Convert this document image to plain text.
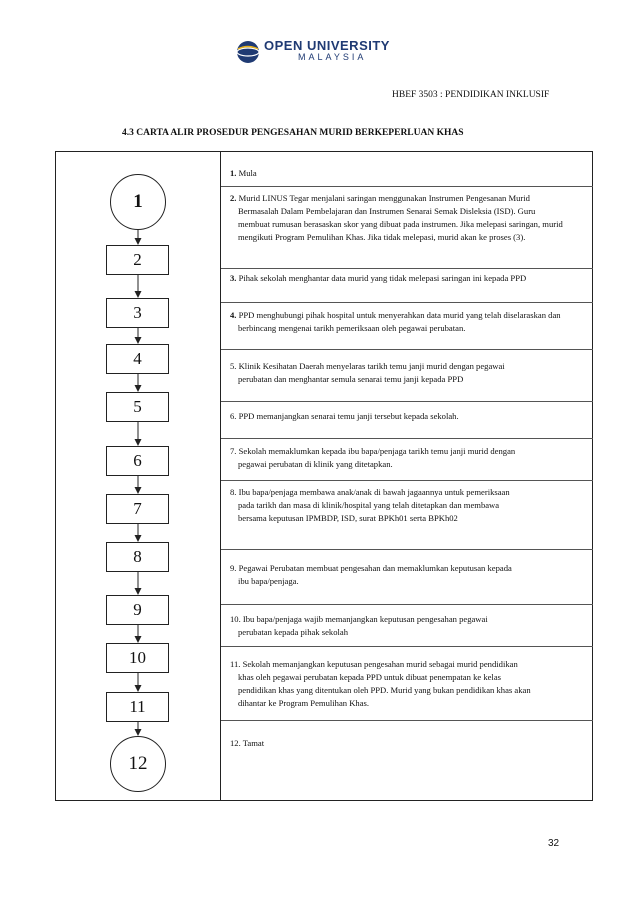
OPEN UNIVERSITY
MALAYSIA
HBEF 3503 : PENDIDIKAN INKLUSIF
4.3 CARTA ALIR PROSEDUR PENGESAHAN MURID BERKEPERLUAN KHAS
1
2
3
4
5
6
7
8
9
10
11
12
1. Mula
2. Murid LINUS Tegar menjalani saringan menggunakan Instrumen Pengesanan Murid
Bermasalah Dalam Pembelajaran dan Instrumen Senarai Semak Disleksia (ISD). Guru
membuat rumusan berasaskan skor yang dibuat pada instrumen. Jika melepasi saringan, murid
mengikuti Program Pemulihan Khas. Jika tidak melepasi, murid akan ke proses (3).
3. Pihak sekolah menghantar data murid yang tidak melepasi saringan ini kepada PPD
4. PPD menghubungi pihak hospital untuk menyerahkan data murid yang telah diselaraskan dan
berbincang mengenai tarikh pemeriksaan oleh pegawai perubatan.
5. Klinik Kesihatan Daerah menyelaras tarikh temu janji murid dengan pegawai
perubatan dan menghantar semula senarai temu janji kepada PPD
6. PPD memanjangkan senarai temu janji tersebut kepada sekolah.
7. Sekolah memaklumkan kepada ibu bapa/penjaga tarikh temu janji murid dengan
pegawai perubatan di klinik yang ditetapkan.
8. Ibu bapa/penjaga membawa anak/anak di bawah jagaannya untuk pemeriksaan
pada tarikh dan masa di klinik/hospital yang telah ditetapkan dan membawa
bersama keputusan IPMBDP, ISD, surat BPKh01 serta BPKh02
9. Pegawai Perubatan membuat pengesahan dan memaklumkan keputusan kepada
ibu bapa/penjaga.
10. Ibu bapa/penjaga wajib memanjangkan keputusan pengesahan pegawai
perubatan kepada pihak sekolah
11. Sekolah memanjangkan keputusan pengesahan murid sebagai murid pendidikan
khas oleh pegawai perubatan kepada PPD untuk dibuat penempatan ke kelas
pendidikan khas yang ditentukan oleh PPD. Murid yang bukan pendidikan khas akan
dihantar ke Program Pemulihan Khas.
12. Tamat
32
